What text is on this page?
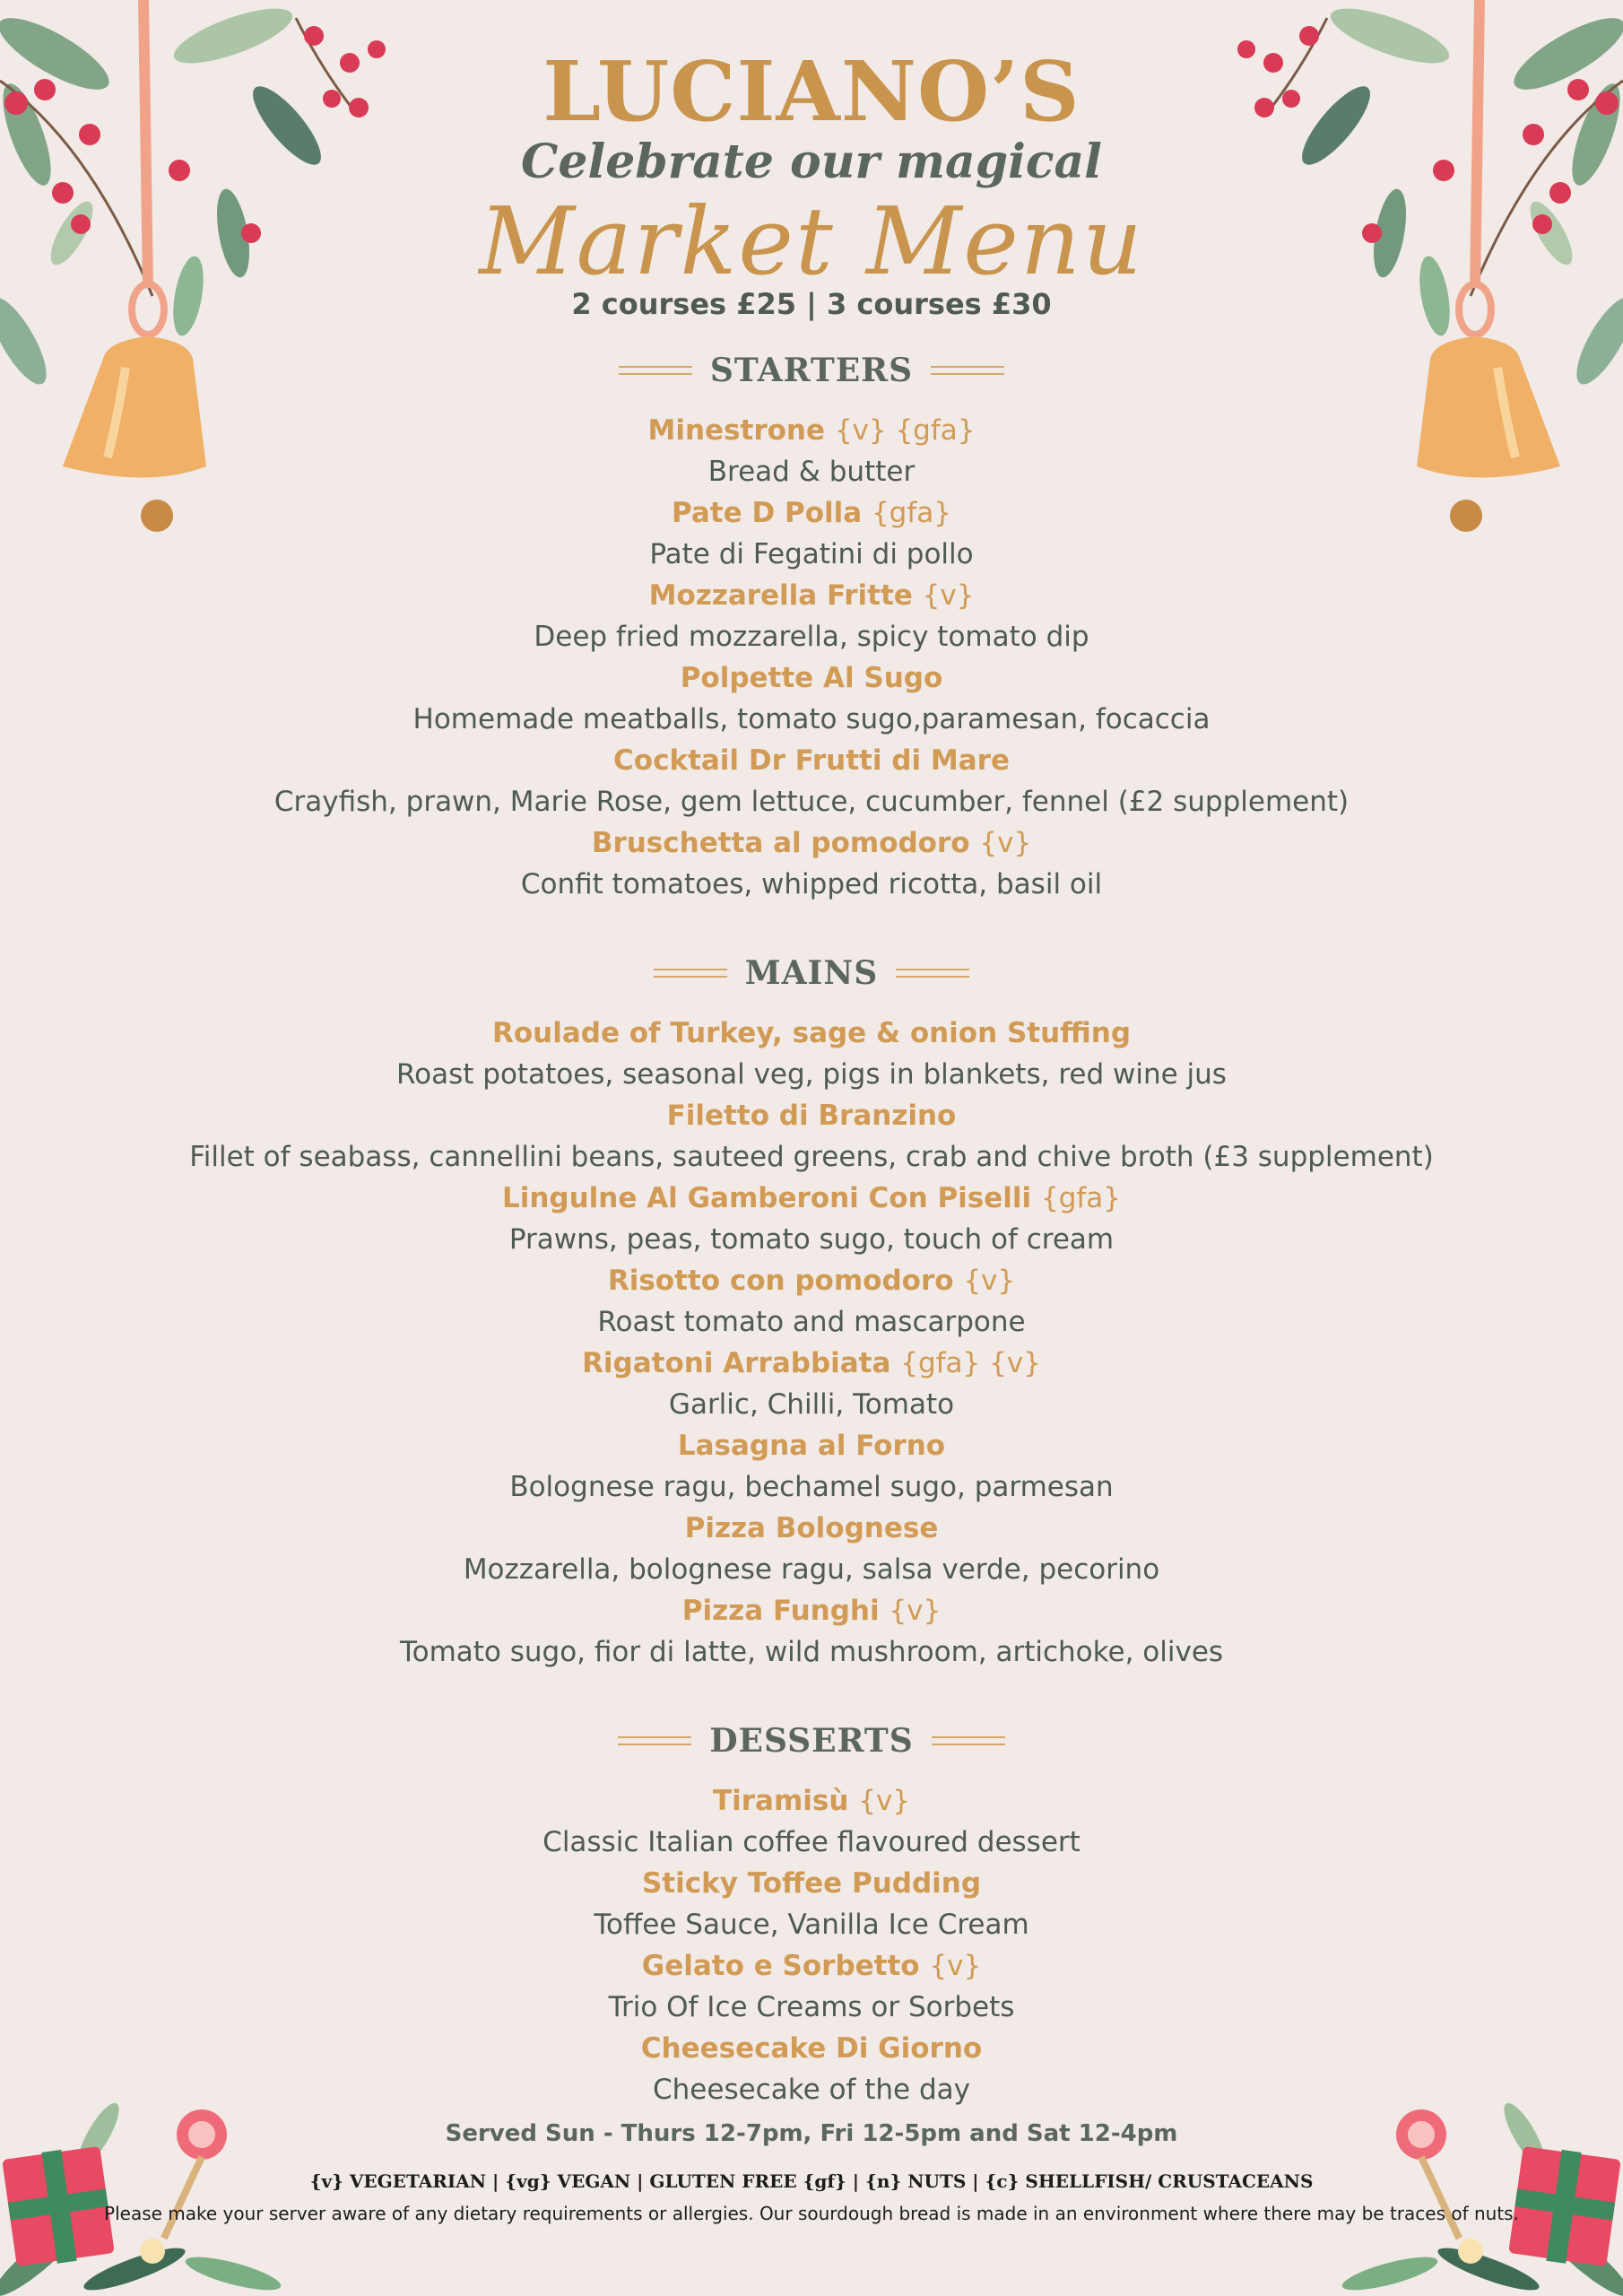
LUCIANO’S
Celebrate our magical
Market Menu
2 courses £25 | 3 courses £30
STARTERS
Minestrone {v} {gfa}
Bread & butter
Pate D Polla {gfa}
Pate di Fegatini di pollo
Mozzarella Fritte {v}
Deep fried mozzarella, spicy tomato dip
Polpette Al Sugo
Homemade meatballs, tomato sugo,paramesan, focaccia
Cocktail Dr Frutti di Mare
Crayfish, prawn, Marie Rose, gem lettuce, cucumber, fennel (£2 supplement)
Bruschetta al pomodoro {v}
Confit tomatoes, whipped ricotta, basil oil
MAINS
Roulade of Turkey, sage & onion Stuffing
Roast potatoes, seasonal veg, pigs in blankets, red wine jus
Filetto di Branzino
Fillet of seabass, cannellini beans, sauteed greens, crab and chive broth (£3 supplement)
Lingulne Al Gamberoni Con Piselli {gfa}
Prawns, peas, tomato sugo, touch of cream
Risotto con pomodoro {v}
Roast tomato and mascarpone
Rigatoni Arrabbiata {gfa} {v}
Garlic, Chilli, Tomato
Lasagna al Forno
Bolognese ragu, bechamel sugo, parmesan
Pizza Bolognese
Mozzarella, bolognese ragu, salsa verde, pecorino
Pizza Funghi {v}
Tomato sugo, fior di latte, wild mushroom, artichoke, olives
DESSERTS
Tiramisù {v}
Classic Italian coffee flavoured dessert
Sticky Toffee Pudding
Toffee Sauce, Vanilla Ice Cream
Gelato e Sorbetto {v}
Trio Of Ice Creams or Sorbets
Cheesecake Di Giorno
Cheesecake of the day
Served Sun - Thurs 12-7pm, Fri 12-5pm and Sat 12-4pm
{v} VEGETARIAN | {vg} VEGAN | GLUTEN FREE {gf} | {n} NUTS | {c} SHELLFISH/ CRUSTACEANS
Please make your server aware of any dietary requirements or allergies. Our sourdough bread is made in an environment where there may be traces of nuts.
